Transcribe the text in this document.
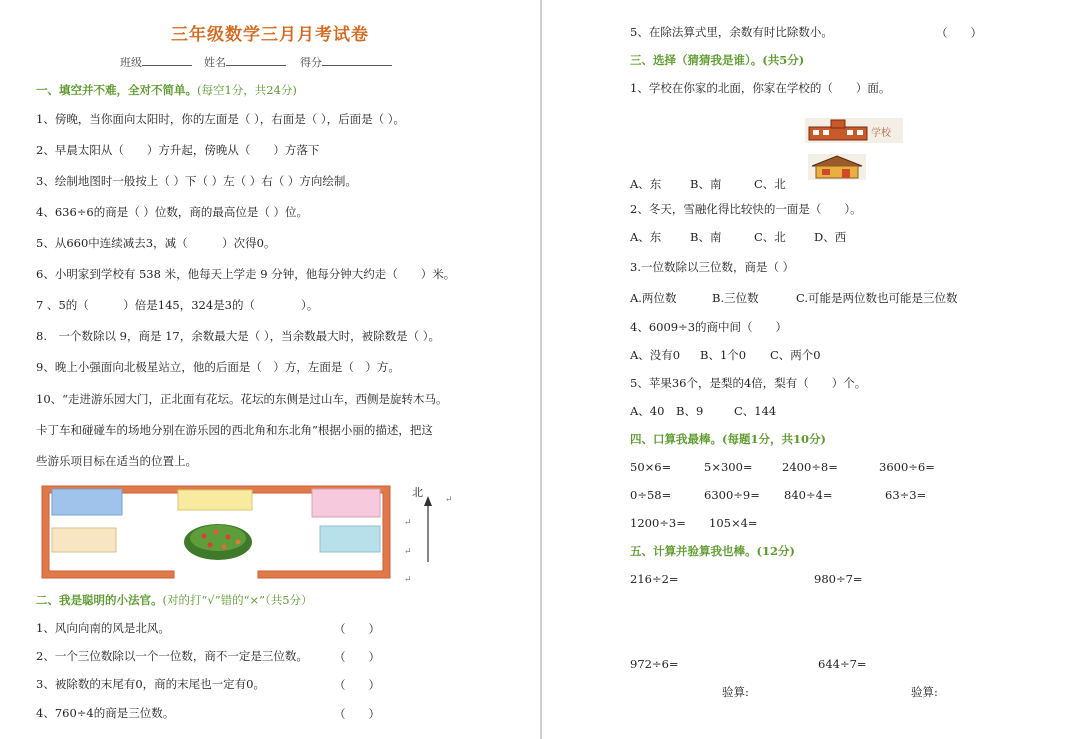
三年级数学三月月考试卷
班级	姓名	得分
一、填空并不难，全对不简单。(每空1分，共24分)
1、傍晚，当你面向太阳时，你的左面是（ ），右面是（ ），后面是（ ）。
2、早晨太阳从（　　）方升起，傍晚从（　　）方落下
3、绘制地图时一般按上（ ）下（ ）左（ ）右（ ）方向绘制。
4、636÷6的商是（ ）位数，商的最高位是（ ）位。
5、从660中连续减去3，减（　　　）次得0。
6、小明家到学校有 538 米，他每天上学走 9 分钟，他每分钟大约走（　　）米。
7 、5的（　　　）倍是145，324是3的（　　　　）。
8.　一个数除以 9，商是 17，余数最大是（ ），当余数最大时，被除数是（ ）。
9、晚上小强面向北极星站立，他的后面是（　）方，左面是（　）方。
10、“走进游乐园大门，正北面有花坛。花坛的东侧是过山车，西侧是旋转木马。
卡丁车和碰碰车的场地分别在游乐园的西北角和东北角”根据小丽的描述，把这
些游乐项目标在适当的位置上。
北
↵
↵
↵
↵
二、我是聪明的小法官。(对的打“√”错的“×”（共5分）
1、风向向南的风是北风。	（　　）
2、一个三位数除以一个一位数，商不一定是三位数。 （　　）
3、被除数的末尾有0，商的末尾也一定有0。	（　　）
4、760÷4的商是三位数。	（　　）
5、在除法算式里，余数有时比除数小。	（　　）
三、选择（猜猜我是谁）。(共5分)
1、学校在你家的北面，你家在学校的（　　）面。
学校
A、东 B、南	C、北
2、冬天，雪融化得比较快的一面是（　　）。
A、东 B、南	C、北 D、西
3.一位数除以三位数，商是（ ）
A.两位数	B.三位数	C.可能是两位数也可能是三位数
4、6009÷3的商中间（　　）
A、没有0 B、1个0 C、两个0
5、苹果36个，是梨的4倍，梨有（　　）个。
A、40 B、9	C、144
四、口算我最棒。(每题1分，共10分)
50×6=	5×300=	2400÷8=	3600÷6=
0÷58=	6300÷9= 840÷4=	63÷3=
1200÷3= 105×4=
五、计算并验算我也棒。(12分)
216÷2=	980÷7=
972÷6=	644÷7=
验算:	验算:
